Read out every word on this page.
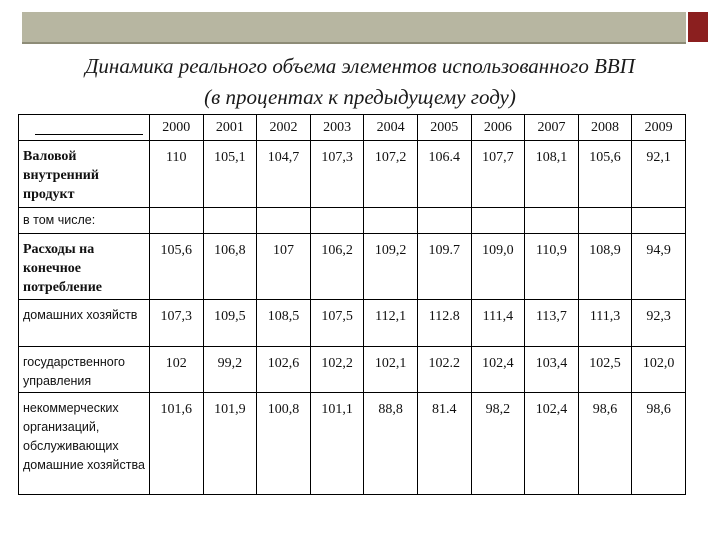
Динамика реального объема элементов использованного ВВП
(в процентах к предыдущему году)
	2000	2001	2002	2003	2004	2005	2006	2007	2008	2009
Валовой внутренний продукт	110	105,1	104,7	107,3	107,2	106.4	107,7	108,1	105,6	92,1
в том числе:										
Расходы на конечное потребление	105,6	106,8	107	106,2	109,2	109.7	109,0	110,9	108,9	94,9
домашних хозяйств	107,3	109,5	108,5	107,5	112,1	112.8	111,4	113,7	111,3	92,3
государственного управления	102	99,2	102,6	102,2	102,1	102.2	102,4	103,4	102,5	102,0
некоммерческих организаций, обслуживающих домашние хозяйства	101,6	101,9	100,8	101,1	88,8	81.4	98,2	102,4	98,6	98,6
